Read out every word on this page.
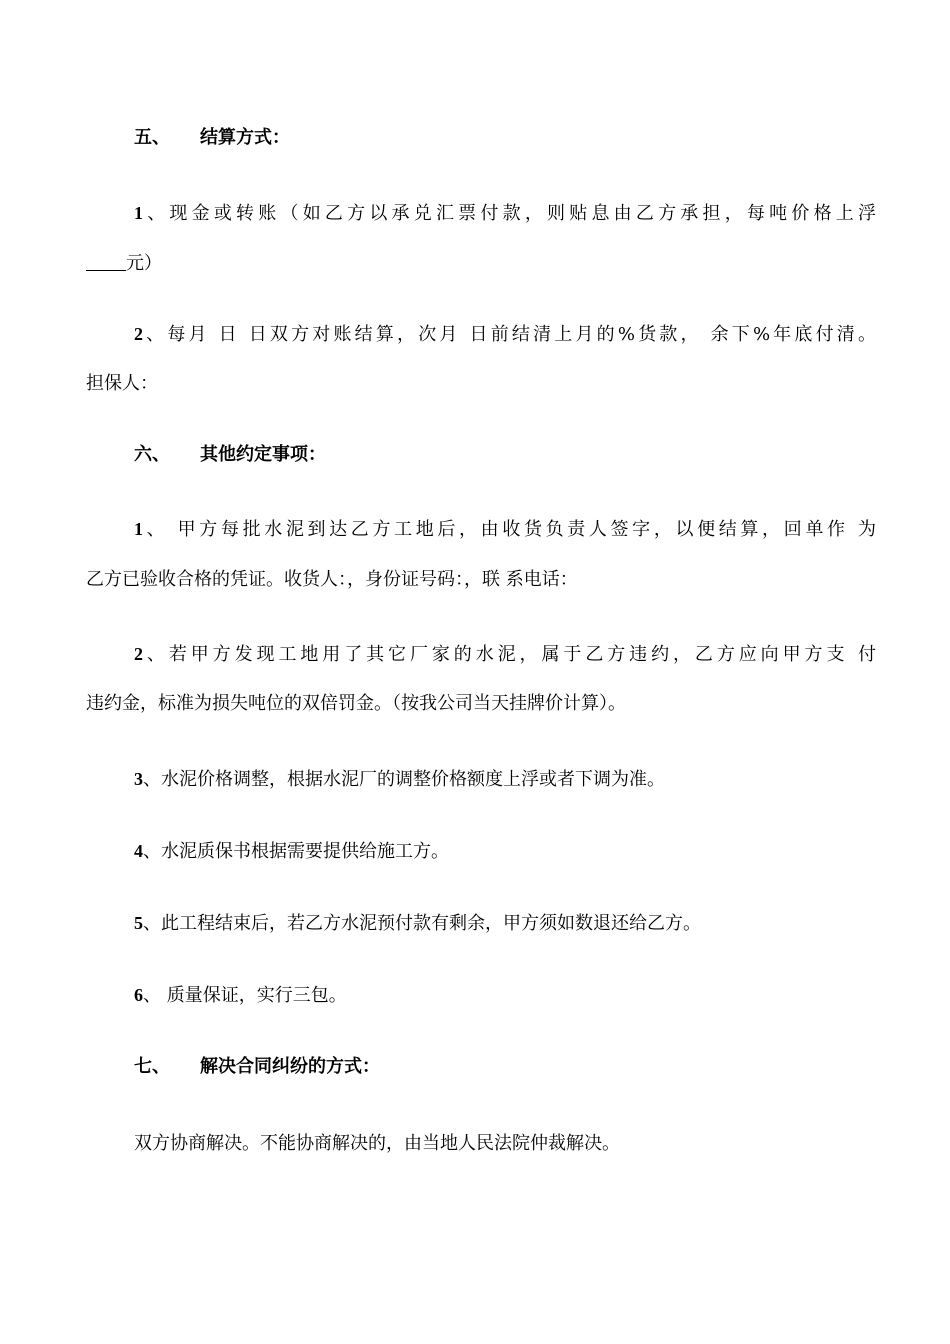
五、 结算方式：
1、现金或转账（如乙方以承兑汇票付款，则贴息由乙方承担，每吨价格上浮
元）
2、每月 日 日双方对账结算，次月 日前结清上月的%货款， 余下%年底付清。
担保人：
六、 其他约定事项：
1、 甲方每批水泥到达乙方工地后，由收货负责人签字，以便结算，回单作 为
乙方已验收合格的凭证。收货人：，身份证号码：，联 系电话：
2、若甲方发现工地用了其它厂家的水泥，属于乙方违约，乙方应向甲方支 付
违约金，标准为损失吨位的双倍罚金。（按我公司当天挂牌价计算）。
3、水泥价格调整，根据水泥厂的调整价格额度上浮或者下调为准。
4、水泥质保书根据需要提供给施工方。
5、此工程结束后，若乙方水泥预付款有剩余，甲方须如数退还给乙方。
6、 质量保证，实行三包。
七、 解决合同纠纷的方式：
双方协商解决。不能协商解决的，由当地人民法院仲裁解决。
